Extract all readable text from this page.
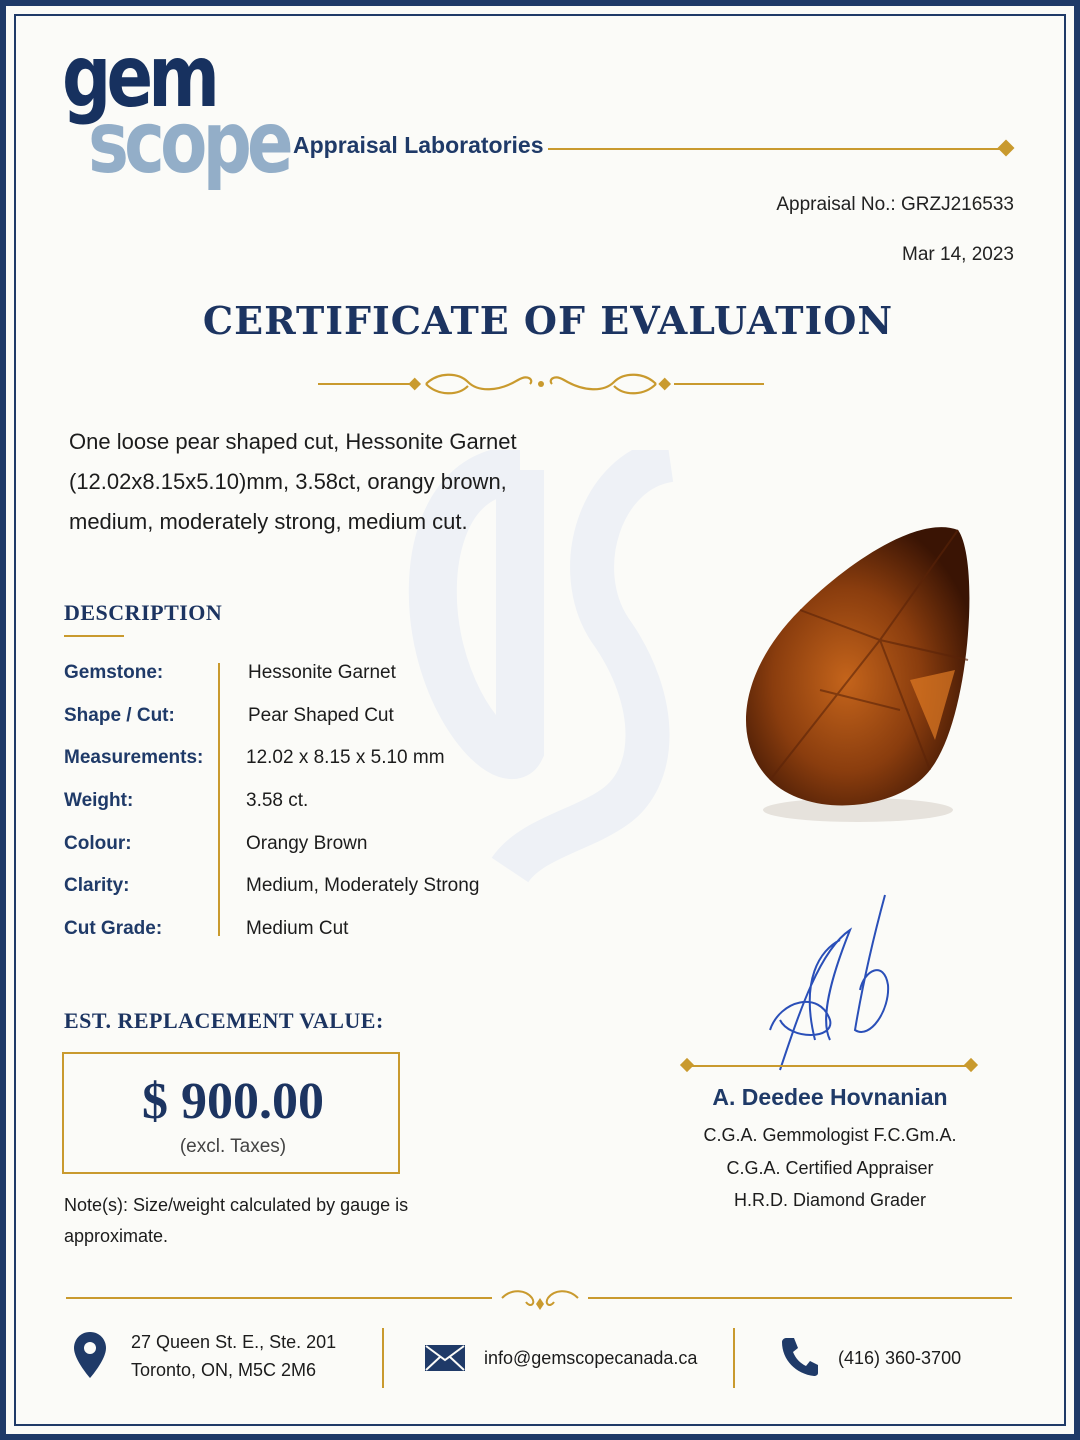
gem
scope Appraisal Laboratories
Appraisal No.: GRZJ216533
Mar 14, 2023
CERTIFICATE OF EVALUATION
One loose pear shaped cut, Hessonite Garnet (12.02x8.15x5.10)mm, 3.58ct, orangy brown, medium, moderately strong, medium cut.
DESCRIPTION
Gemstone:	Hessonite Garnet
Shape / Cut:	Pear Shaped Cut
Measurements: 12.02 x 8.15 x 5.10 mm
Weight:	3.58 ct.
Colour:	Orangy Brown
Clarity:	Medium, Moderately Strong
Cut Grade:	Medium Cut
EST. REPLACEMENT VALUE:
$ 900.00
(excl. Taxes)
Note(s): Size/weight calculated by gauge is approximate.
A. Deedee Hovnanian
C.G.A. Gemmologist F.C.Gm.A.
C.G.A. Certified Appraiser
H.R.D. Diamond Grader
27 Queen St. E., Ste. 201
Toronto, ON, M5C 2M6
info@gemscopecanada.ca	(416) 360-3700
